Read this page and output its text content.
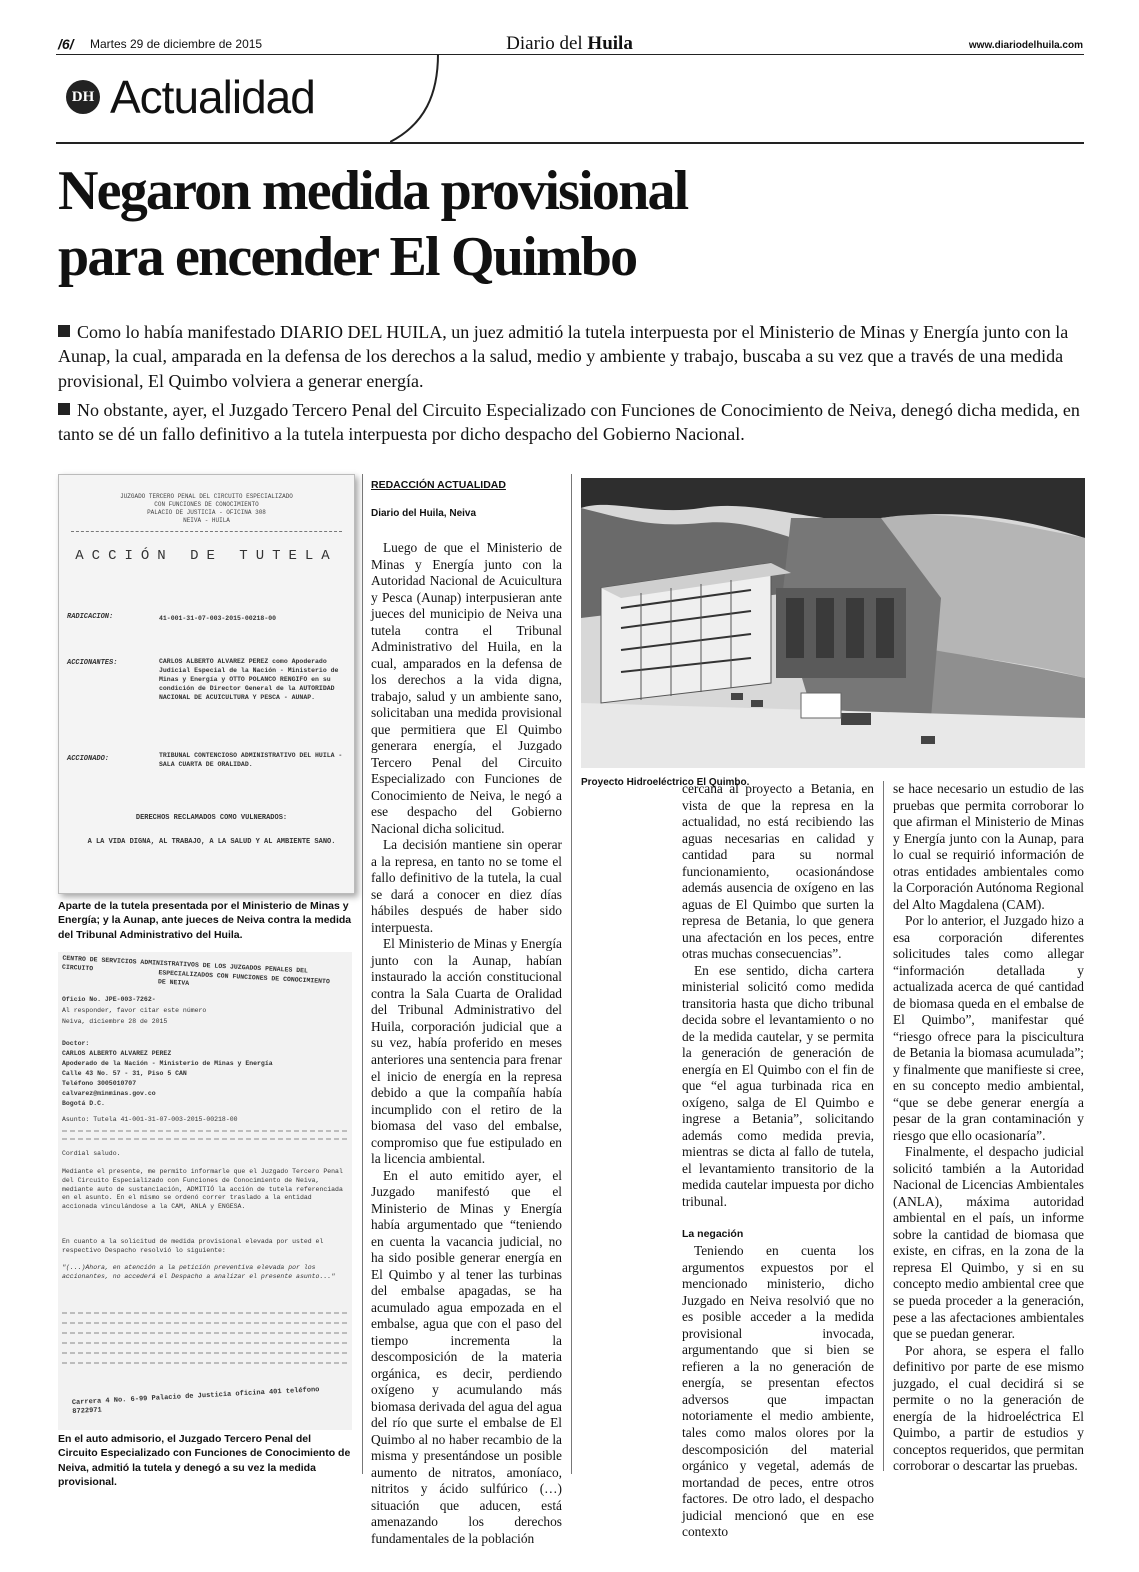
/6/ Martes 29 de diciembre de 2015	Diario del Huila	www.diariodelhuila.com
DH Actualidad
Negaron medida provisional
para encender El Quimbo
Como lo había manifestado DIARIO DEL HUILA, un juez admitió la tutela interpuesta por el Ministerio de Minas y Energía junto con la Aunap, la cual, amparada en la defensa de los derechos a la salud, medio y ambiente y trabajo, buscaba a su vez que a través de una medida provisional, El Quimbo volviera a generar energía.
No obstante, ayer, el Juzgado Tercero Penal del Circuito Especializado con Funciones de Conocimiento de Neiva, denegó dicha medida, en tanto se dé un fallo definitivo a la tutela interpuesta por dicho despacho del Gobierno Nacional.
JUZGADO TERCERO PENAL DEL CIRCUITO ESPECIALIZADO
CON FUNCIONES DE CONOCIMIENTO
PALACIO DE JUSTICIA - OFICINA 308
NEIVA - HUILA
ACCIÓN DE TUTELA
RADICACION:	41-001-31-07-003-2015-00218-00
ACCIONANTES:	CARLOS ALBERTO ALVAREZ PEREZ como Apoderado Judicial Especial de la Nación - Ministerio de Minas y Energía y OTTO POLANCO RENGIFO en su condición de Director General de la AUTORIDAD NACIONAL DE ACUICULTURA Y PESCA - AUNAP.
ACCIONADO:	TRIBUNAL CONTENCIOSO ADMINISTRATIVO DEL HUILA - SALA CUARTA DE ORALIDAD.
DERECHOS RECLAMADOS COMO VULNERADOS:
A LA VIDA DIGNA, AL TRABAJO, A LA SALUD Y AL AMBIENTE SANO.
Aparte de la tutela presentada por el Ministerio de Minas y Energía; y la Aunap, ante jueces de Neiva contra la medida del Tribunal Administrativo del Huila.
CENTRO DE SERVICIOS ADMINISTRATIVOS DE LOS JUZGADOS PENALES DEL CIRCUITO
ESPECIALIZADOS CON FUNCIONES DE CONOCIMIENTO DE NEIVA
Oficio No. JPE-003-7262-
Al responder, favor citar este número
Neiva, diciembre 28 de 2015
Doctor:
CARLOS ALBERTO ALVAREZ PEREZ
Apoderado de la Nación - Ministerio de Minas y Energía
Calle 43 No. 57 - 31, Piso 5 CAN
Teléfono 3005010707
calvarez@minminas.gov.co
Bogotá D.C.
Asunto: Tutela 41-001-31-07-003-2015-00218-00
Cordial saludo.
Mediante el presente, me permito informarle que el Juzgado Tercero Penal del Circuito Especializado con Funciones de Conocimiento de Neiva, mediante auto de sustanciación, ADMITIÓ la acción de tutela referenciada en el asunto. En el mismo se ordenó correr traslado a la entidad accionada vinculándose a la CAM, ANLA y ENGESA.
En cuanto a la solicitud de medida provisional elevada por usted el respectivo Despacho resolvió lo siguiente:
"(...)Ahora, en atención a la petición preventiva elevada por los accionantes, no accederá el Despacho a analizar el presente asunto..."
Carrera 4 No. 6-99 Palacio de Justicia oficina 401 teléfono 8722971
En el auto admisorio, el Juzgado Tercero Penal del Circuito Especializado con Funciones de Conocimiento de Neiva, admitió la tutela y denegó a su vez la medida provisional.
REDACCIÓN ACTUALIDAD
Diario del Huila, Neiva

Luego de que el Ministerio de Minas y Energía junto con la Autoridad Nacional de Acuicultura y Pesca (Aunap) interpusieran ante jueces del municipio de Neiva una tutela contra el Tribunal Administrativo del Huila, en la cual, amparados en la defensa de los derechos a la vida digna, trabajo, salud y un ambiente sano, solicitaban una medida provisional que permitiera que El Quimbo generara energía, el Juzgado Tercero Penal del Circuito Especializado con Funciones de Conocimiento de Neiva, le negó a ese despacho del Gobierno Nacional dicha solicitud.

La decisión mantiene sin operar a la represa, en tanto no se tome el fallo definitivo de la tutela, la cual se dará a conocer en diez días hábiles después de haber sido interpuesta.

El Ministerio de Minas y Energía junto con la Aunap, habían instaurado la acción constitucional contra la Sala Cuarta de Oralidad del Tribunal Administrativo del Huila, corporación judicial que a su vez, había proferido en meses anteriores una sentencia para frenar el inicio de energía en la represa debido a que la compañía había incumplido con el retiro de la biomasa del vaso del embalse, compromiso que fue estipulado en la licencia ambiental.

En el auto emitido ayer, el Juzgado manifestó que el Ministerio de Minas y Energía había argumentado que “teniendo en cuenta la vacancia judicial, no ha sido posible generar energía en El Quimbo y al tener las turbinas del embalse apagadas, se ha acumulado agua empozada en el embalse, agua que con el paso del tiempo incrementa la descomposición de la materia orgánica, es decir, perdiendo oxígeno y acumulando más biomasa derivada del agua del agua del río que surte el embalse de El Quimbo al no haber recambio de la misma y presentándose un posible aumento de nitratos, amoníaco, nitritos y ácido sulfúrico (…) situación que aducen, está amenazando los derechos fundamentales de la población

Proyecto Hidroeléctrico El Quimbo.

cercana al proyecto a Betania, en vista de que la represa en la actualidad, no está recibiendo las aguas necesarias en calidad y cantidad para su normal funcionamiento, ocasionándose además ausencia de oxígeno en las aguas de El Quimbo que surten la represa de Betania, lo que genera una afectación en los peces, entre otras muchas consecuencias”.

En ese sentido, dicha cartera ministerial solicitó como medida transitoria hasta que dicho tribunal decida sobre el levantamiento o no de la medida cautelar, y se permita la generación de generación de energía en El Quimbo con el fin de que “el agua turbinada rica en oxígeno, salga de El Quimbo e ingrese a Betania”, solicitando además como medida previa, mientras se dicta al fallo de tutela, el levantamiento transitorio de la medida cautelar impuesta por dicho tribunal.

La negación

Teniendo en cuenta los argumentos expuestos por el mencionado ministerio, dicho Juzgado en Neiva resolvió que no es posible acceder a la medida provisional invocada, argumentando que si bien se refieren a la no generación de energía, se presentan efectos adversos que impactan notoriamente el medio ambiente, tales como malos olores por la descomposición del material orgánico y vegetal, además de mortandad de peces, entre otros factores. De otro lado, el despacho judicial mencionó que en ese contexto

se hace necesario un estudio de las pruebas que permita corroborar lo que afirman el Ministerio de Minas y Energía junto con la Aunap, para lo cual se requirió información de otras entidades ambientales como la Corporación Autónoma Regional del Alto Magdalena (CAM).

Por lo anterior, el Juzgado hizo a esa corporación diferentes solicitudes tales como allegar “información detallada y actualizada acerca de qué cantidad de biomasa queda en el embalse de El Quimbo”, manifestar qué “riesgo ofrece para la piscicultura de Betania la biomasa acumulada”; y finalmente que manifieste si cree, en su concepto medio ambiental, “que se debe generar energía a pesar de la gran contaminación y riesgo que ello ocasionaría”.

Finalmente, el despacho judicial solicitó también a la Autoridad Nacional de Licencias Ambientales (ANLA), máxima autoridad ambiental en el país, un informe sobre la cantidad de biomasa que existe, en cifras, en la zona de la represa El Quimbo, y si en su concepto medio ambiental cree que se pueda proceder a la generación, pese a las afectaciones ambientales que se puedan generar.

Por ahora, se espera el fallo definitivo por parte de ese mismo juzgado, el cual decidirá si se permite o no la generación de energía de la hidroeléctrica El Quimbo, a partir de estudios y conceptos requeridos, que permitan corroborar o descartar las pruebas.
